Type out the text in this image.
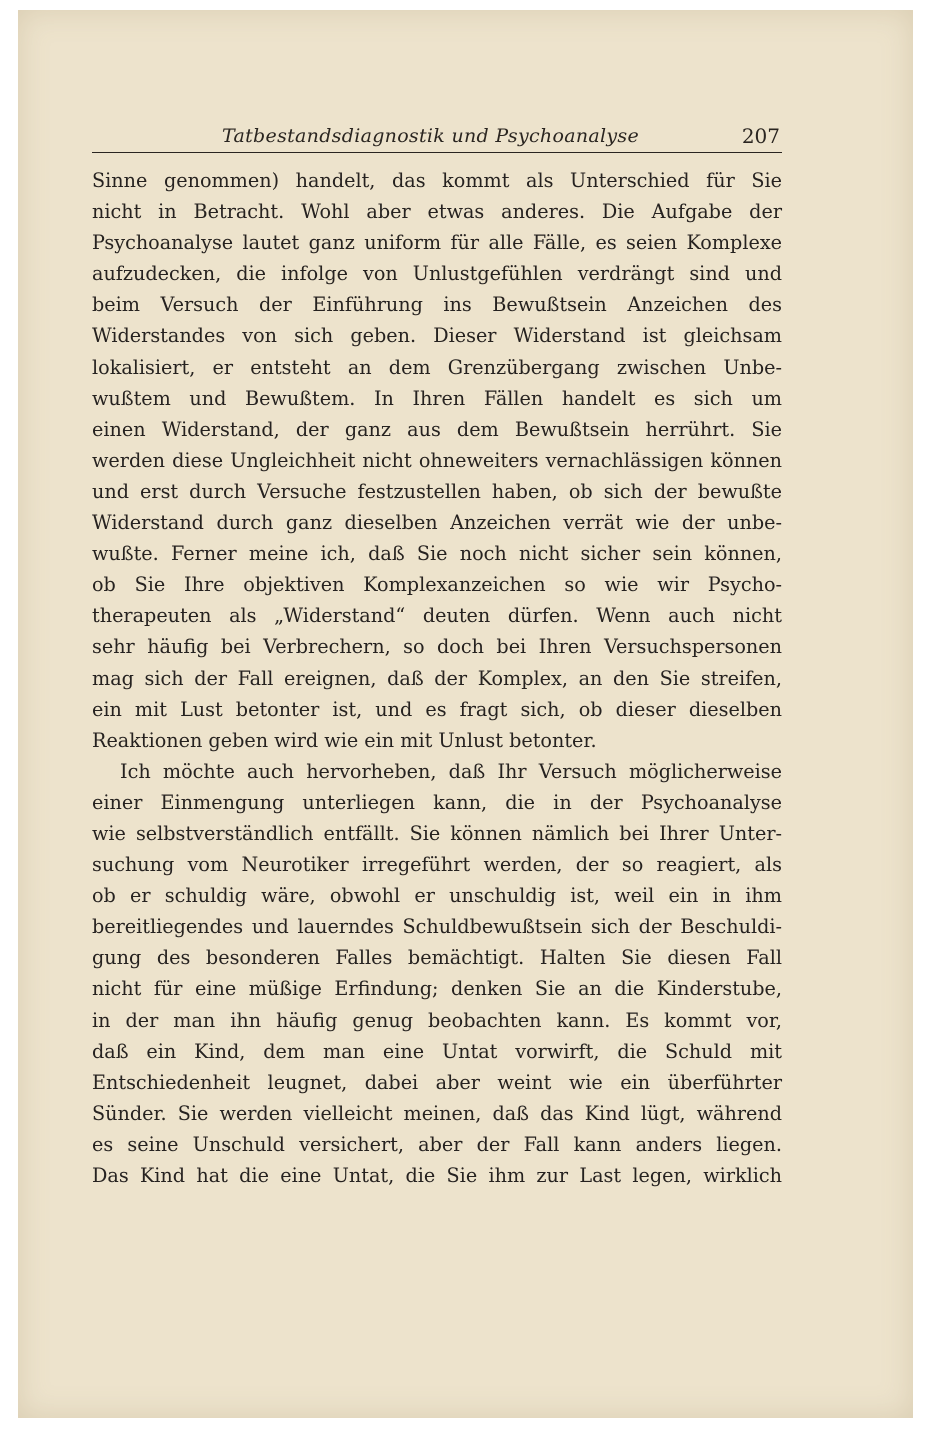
Tatbestandsdiagnostik und Psychoanalyse	207
Sinne genommen) handelt, das kommt als Unterschied für Sie
nicht in Betracht. Wohl aber etwas anderes. Die Aufgabe der
Psychoanalyse lautet ganz uniform für alle Fälle, es seien Komplexe
aufzudecken, die infolge von Unlustgefühlen verdrängt sind und
beim Versuch der Einführung ins Bewußtsein Anzeichen des
Widerstandes von sich geben. Dieser Widerstand ist gleichsam
lokalisiert, er entsteht an dem Grenzübergang zwischen Unbe-
wußtem und Bewußtem. In Ihren Fällen handelt es sich um
einen Widerstand, der ganz aus dem Bewußtsein herrührt. Sie
werden diese Ungleichheit nicht ohneweiters vernachlässigen können
und erst durch Versuche festzustellen haben, ob sich der bewußte
Widerstand durch ganz dieselben Anzeichen verrät wie der unbe-
wußte. Ferner meine ich, daß Sie noch nicht sicher sein können,
ob Sie Ihre objektiven Komplexanzeichen so wie wir Psycho-
therapeuten als „Widerstand“ deuten dürfen. Wenn auch nicht
sehr häufig bei Verbrechern, so doch bei Ihren Versuchspersonen
mag sich der Fall ereignen, daß der Komplex, an den Sie streifen,
ein mit Lust betonter ist, und es fragt sich, ob dieser dieselben
Reaktionen geben wird wie ein mit Unlust betonter.
Ich möchte auch hervorheben, daß Ihr Versuch möglicherweise
einer Einmengung unterliegen kann, die in der Psychoanalyse
wie selbstverständlich entfällt. Sie können nämlich bei Ihrer Unter-
suchung vom Neurotiker irregeführt werden, der so reagiert, als
ob er schuldig wäre, obwohl er unschuldig ist, weil ein in ihm
bereitliegendes und lauerndes Schuldbewußtsein sich der Beschuldi-
gung des besonderen Falles bemächtigt. Halten Sie diesen Fall
nicht für eine müßige Erfindung; denken Sie an die Kinderstube,
in der man ihn häufig genug beobachten kann. Es kommt vor,
daß ein Kind, dem man eine Untat vorwirft, die Schuld mit
Entschiedenheit leugnet, dabei aber weint wie ein überführter
Sünder. Sie werden vielleicht meinen, daß das Kind lügt, während
es seine Unschuld versichert, aber der Fall kann anders liegen.
Das Kind hat die eine Untat, die Sie ihm zur Last legen, wirklich
